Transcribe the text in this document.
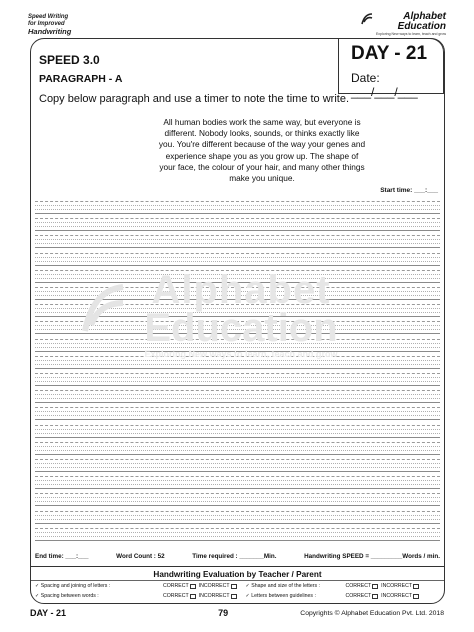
Speed Writing
for Improved
Handwriting
Alphabet
Education
Exploring New ways to learn, teach and grow
DAY - 21
Date: ___/___/___
SPEED 3.0
PARAGRAPH - A
Copy below paragraph and use a timer to note the time to write.
All human bodies work the same way, but everyone is different. Nobody looks, sounds, or thinks exactly like you. You're different because of the way your genes and experience shape you as you grow up. The shape of your face, the colour of your hair, and many other things make you unique.
Start time: ___:___
Alphabet
Education
Exploring New ways to learn, teach and grow
End time: ___:___	Word Count : 52	Time required : _______Min.	Handwriting SPEED = _________Words / min.
Handwriting Evaluation by Teacher / Parent
✓ Spacing and joining of letters :	CORRECT INCORRECT	✓ Shape and size of the letters :	CORRECT INCORRECT
✓ Spacing between words :	CORRECT INCORRECT	✓ Letters between guidelines :	CORRECT INCORRECT
DAY - 21	79	Copyrights © Alphabet Education Pvt. Ltd. 2018
